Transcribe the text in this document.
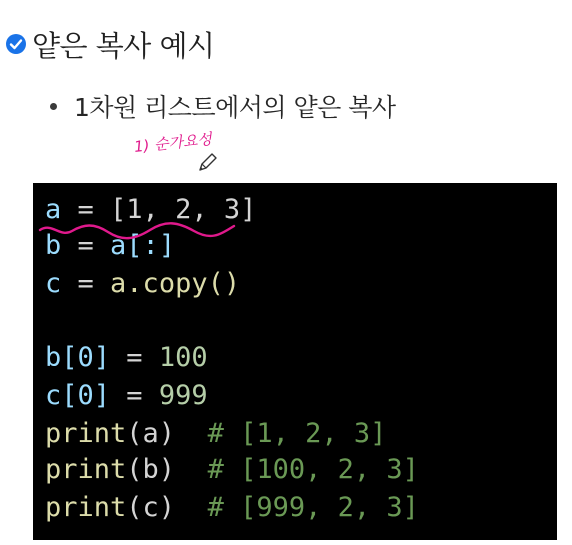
얕은 복사 예시
1차원 리스트에서의 얕은 복사
1) 순가요성
a = [1, 2, 3]
b = a[:]
c = a.copy()
b[0] = 100
c[0] = 999
print(a)  # [1, 2, 3]
print(b)  # [100, 2, 3]
print(c)  # [999, 2, 3]
